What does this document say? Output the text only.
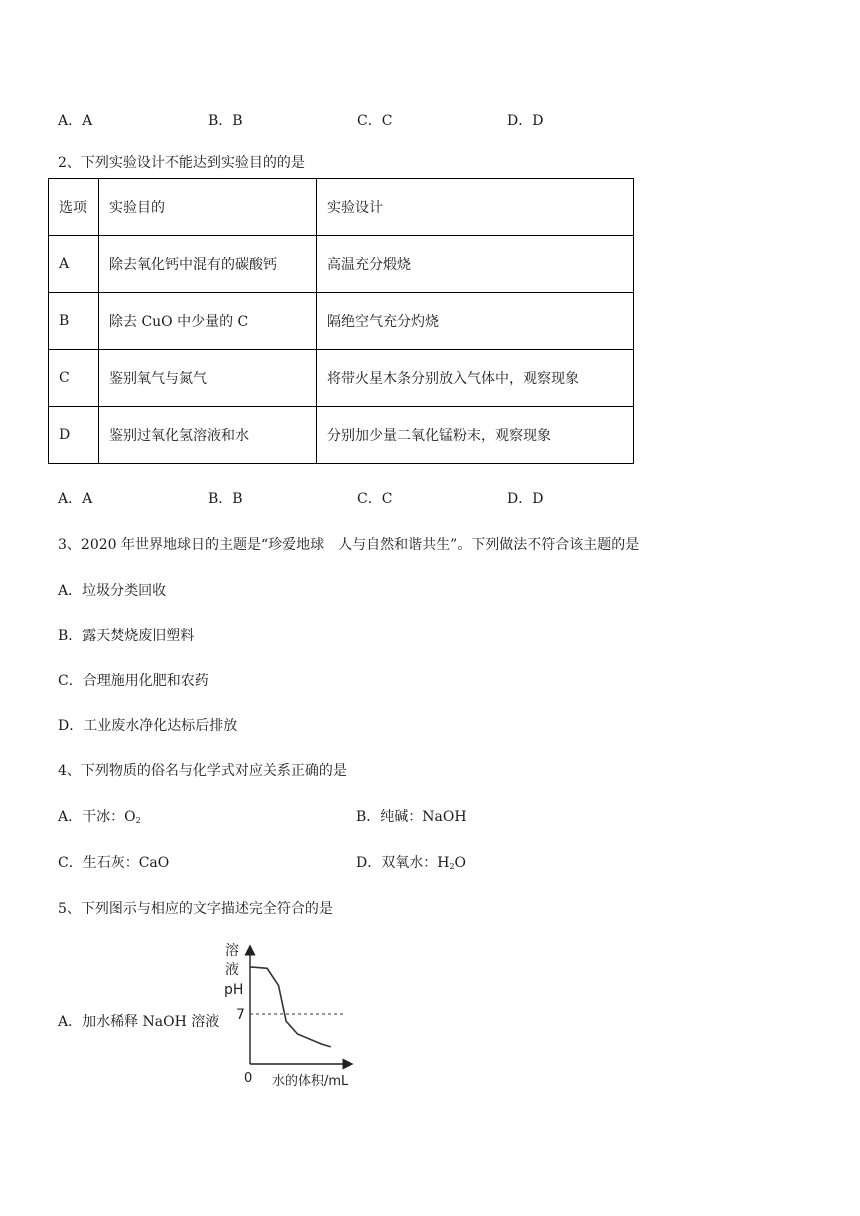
A．A	B．B	C．C	D．D
2、下列实验设计不能达到实验目的的是
选项	实验目的	实验设计
A	除去氧化钙中混有的碳酸钙	高温充分煅烧
B	除去 CuO 中少量的 C	隔绝空气充分灼烧
C	鉴别氧气与氮气	将带火星木条分别放入气体中，观察现象
D	鉴别过氧化氢溶液和水	分别加少量二氧化锰粉末，观察现象
A．A	B．B	C．C	D．D
3、2020 年世界地球日的主题是“珍爱地球　人与自然和谐共生”。下列做法不符合该主题的是
A．垃圾分类回收
B．露天焚烧废旧塑料
C．合理施用化肥和农药
D．工业废水净化达标后排放
4、下列物质的俗名与化学式对应关系正确的是
A．干冰：$O_2$	B．纯碱：NaOH
C．生石灰：CaO	D．双氧水：$H_2O$
5、下列图示与相应的文字描述完全符合的是
A．加水稀释 NaOH 溶液
溶
液
pH
7
0 水的体积/mL
